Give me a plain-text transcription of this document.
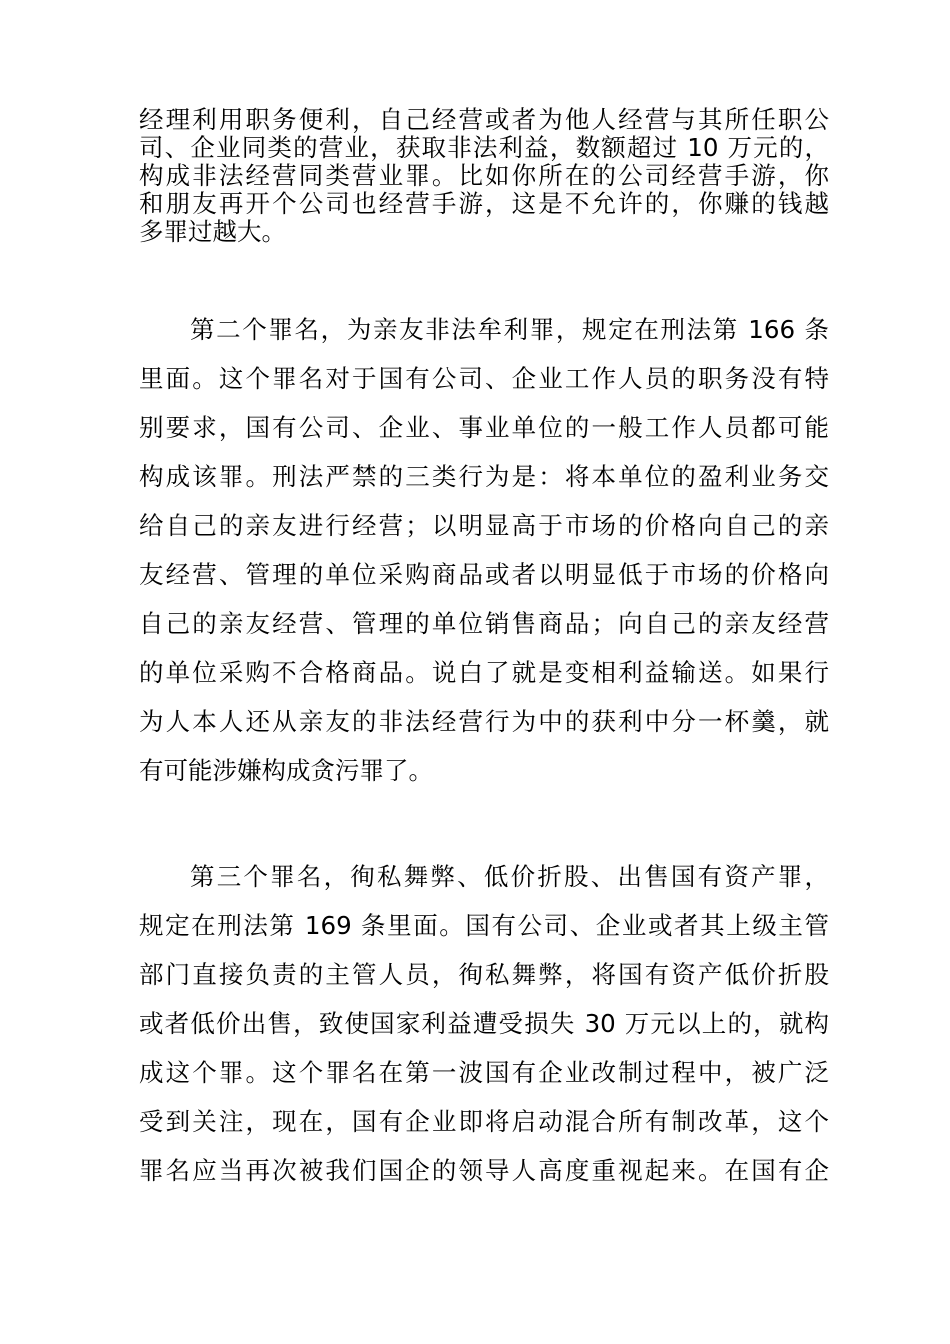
经理利用职务便利，自己经营或者为他人经营与其所任职公

司、企业同类的营业，获取非法利益，数额超过 10 万元的，

构成非法经营同类营业罪。比如你所在的公司经营手游，你

和朋友再开个公司也经营手游，这是不允许的，你赚的钱越

多罪过越大。

第二个罪名，为亲友非法牟利罪，规定在刑法第 166 条

里面。这个罪名对于国有公司、企业工作人员的职务没有特

别要求，国有公司、企业、事业单位的一般工作人员都可能

构成该罪。刑法严禁的三类行为是：将本单位的盈利业务交

给自己的亲友进行经营；以明显高于市场的价格向自己的亲

友经营、管理的单位采购商品或者以明显低于市场的价格向

自己的亲友经营、管理的单位销售商品；向自己的亲友经营

的单位采购不合格商品。说白了就是变相利益输送。如果行

为人本人还从亲友的非法经营行为中的获利中分一杯羹，就

有可能涉嫌构成贪污罪了。

第三个罪名，徇私舞弊、低价折股、出售国有资产罪，

规定在刑法第 169 条里面。国有公司、企业或者其上级主管

部门直接负责的主管人员，徇私舞弊，将国有资产低价折股

或者低价出售，致使国家利益遭受损失 30 万元以上的，就构

成这个罪。这个罪名在第一波国有企业改制过程中，被广泛

受到关注，现在，国有企业即将启动混合所有制改革，这个

罪名应当再次被我们国企的领导人高度重视起来。在国有企
